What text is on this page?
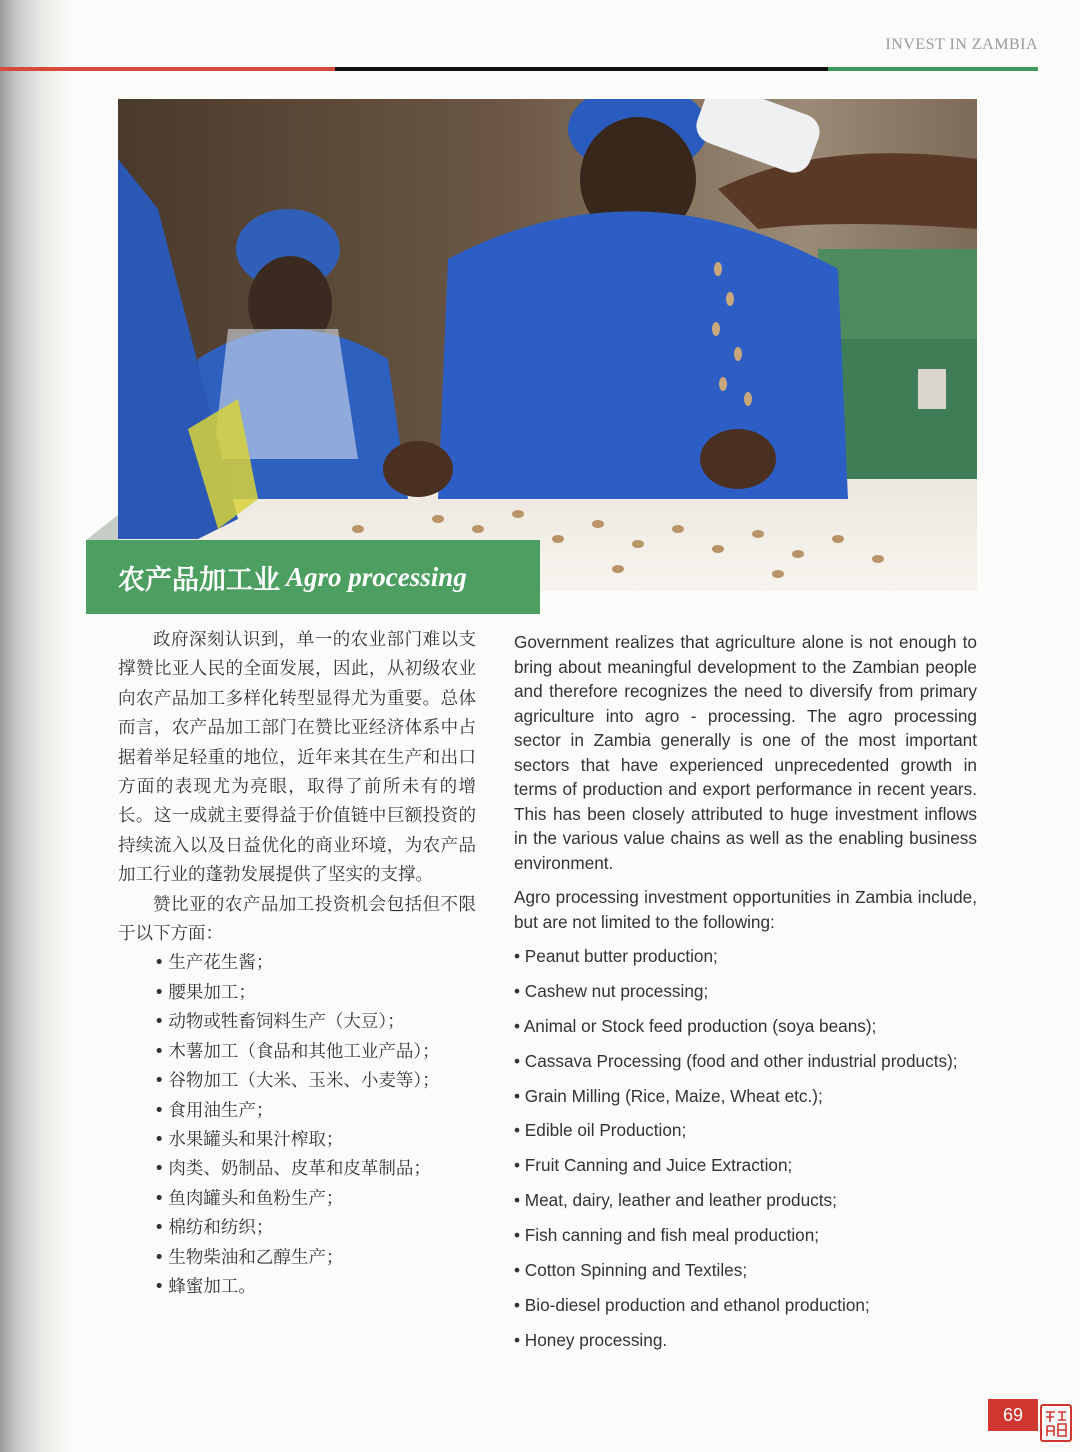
INVEST IN ZAMBIA
农产品加工业 Agro processing

政府深刻认识到，单一的农业部门难以支撑赞比亚人民的全面发展，因此，从初级农业向农产品加工多样化转型显得尤为重要。总体而言，农产品加工部门在赞比亚经济体系中占据着举足轻重的地位，近年来其在生产和出口方面的表现尤为亮眼，取得了前所未有的增长。这一成就主要得益于价值链中巨额投资的持续流入以及日益优化的商业环境，为农产品加工行业的蓬勃发展提供了坚实的支撑。

赞比亚的农产品加工投资机会包括但不限于以下方面：

• 生产花生酱；
• 腰果加工；
• 动物或牲畜饲料生产（大豆）；
• 木薯加工（食品和其他工业产品）；
• 谷物加工（大米、玉米、小麦等）；
• 食用油生产；
• 水果罐头和果汁榨取；
• 肉类、奶制品、皮革和皮革制品；
• 鱼肉罐头和鱼粉生产；
• 棉纺和纺织；
• 生物柴油和乙醇生产；
• 蜂蜜加工。

Government realizes that agriculture alone is not enough to bring about meaningful development to the Zambian people and therefore recognizes the need to diversify from primary agriculture into agro - processing. The agro processing sector in Zambia generally is one of the most important sectors that have experienced unprecedented growth in terms of production and export performance in recent years. This has been closely attributed to huge investment inflows in the various value chains as well as the enabling business environment.

Agro processing investment opportunities in Zambia include, but are not limited to the following:

• Peanut butter production;
• Cashew nut processing;
• Animal or Stock feed production (soya beans);
• Cassava Processing (food and other industrial products);
• Grain Milling (Rice, Maize, Wheat etc.);
• Edible oil Production;
• Fruit Canning and Juice Extraction;
• Meat, dairy, leather and leather products;
• Fish canning and fish meal production;
• Cotton Spinning and Textiles;
• Bio-diesel production and ethanol production;
• Honey processing.
69
